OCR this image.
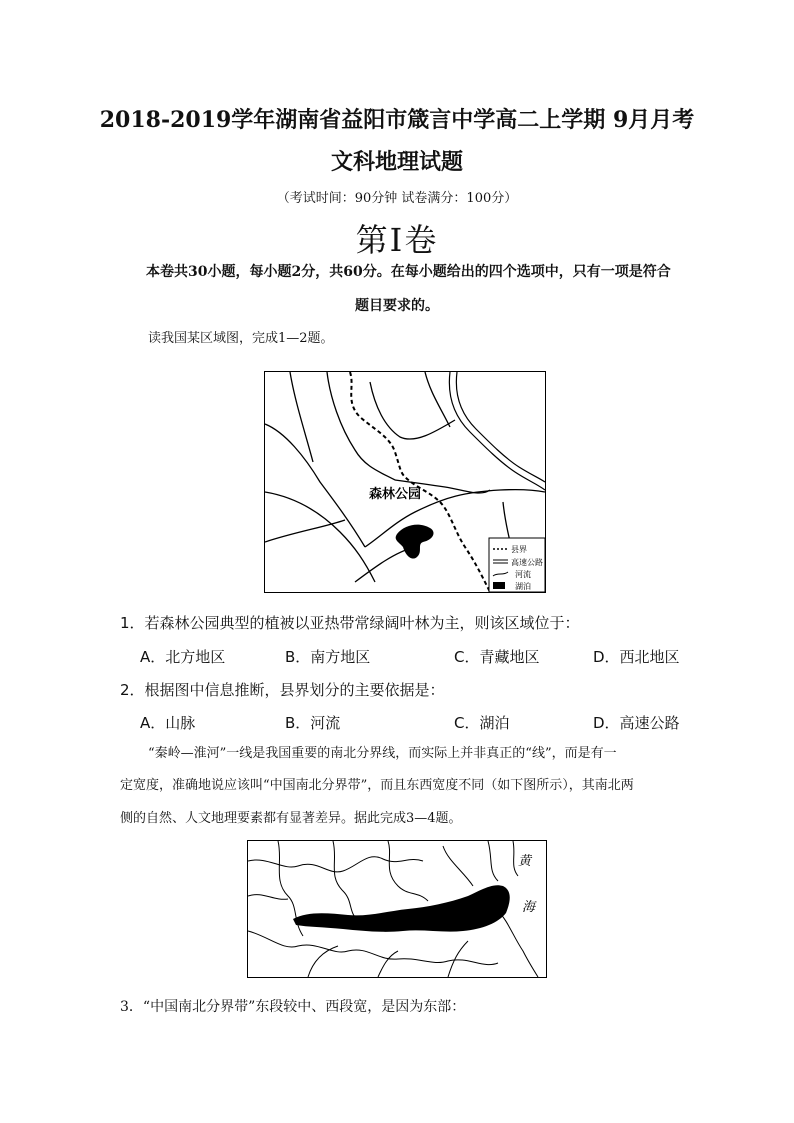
2018-2019学年湖南省益阳市箴言中学高二上学期 9月月考
文科地理试题
（考试时间：90分钟 试卷满分：100分）
第Ⅰ卷
本卷共30小题，每小题2分，共60分。在每小题给出的四个选项中，只有一项是符合
题目要求的。
读我国某区域图，完成1—2题。
森林公园
县界
高速公路
河流
湖泊
1．若森林公园典型的植被以亚热带常绿阔叶林为主，则该区域位于：
A．北方地区	B．南方地区	C．青藏地区	D．西北地区
2．根据图中信息推断，县界划分的主要依据是：
A．山脉	B．河流	C．湖泊	D．高速公路
“秦岭—淮河”一线是我国重要的南北分界线，而实际上并非真正的“线”，而是有一
定宽度，准确地说应该叫“中国南北分界带”，而且东西宽度不同（如下图所示），其南北两
侧的自然、人文地理要素都有显著差异。据此完成3—4题。
黄
海
3．“中国南北分界带”东段较中、西段宽，是因为东部：
